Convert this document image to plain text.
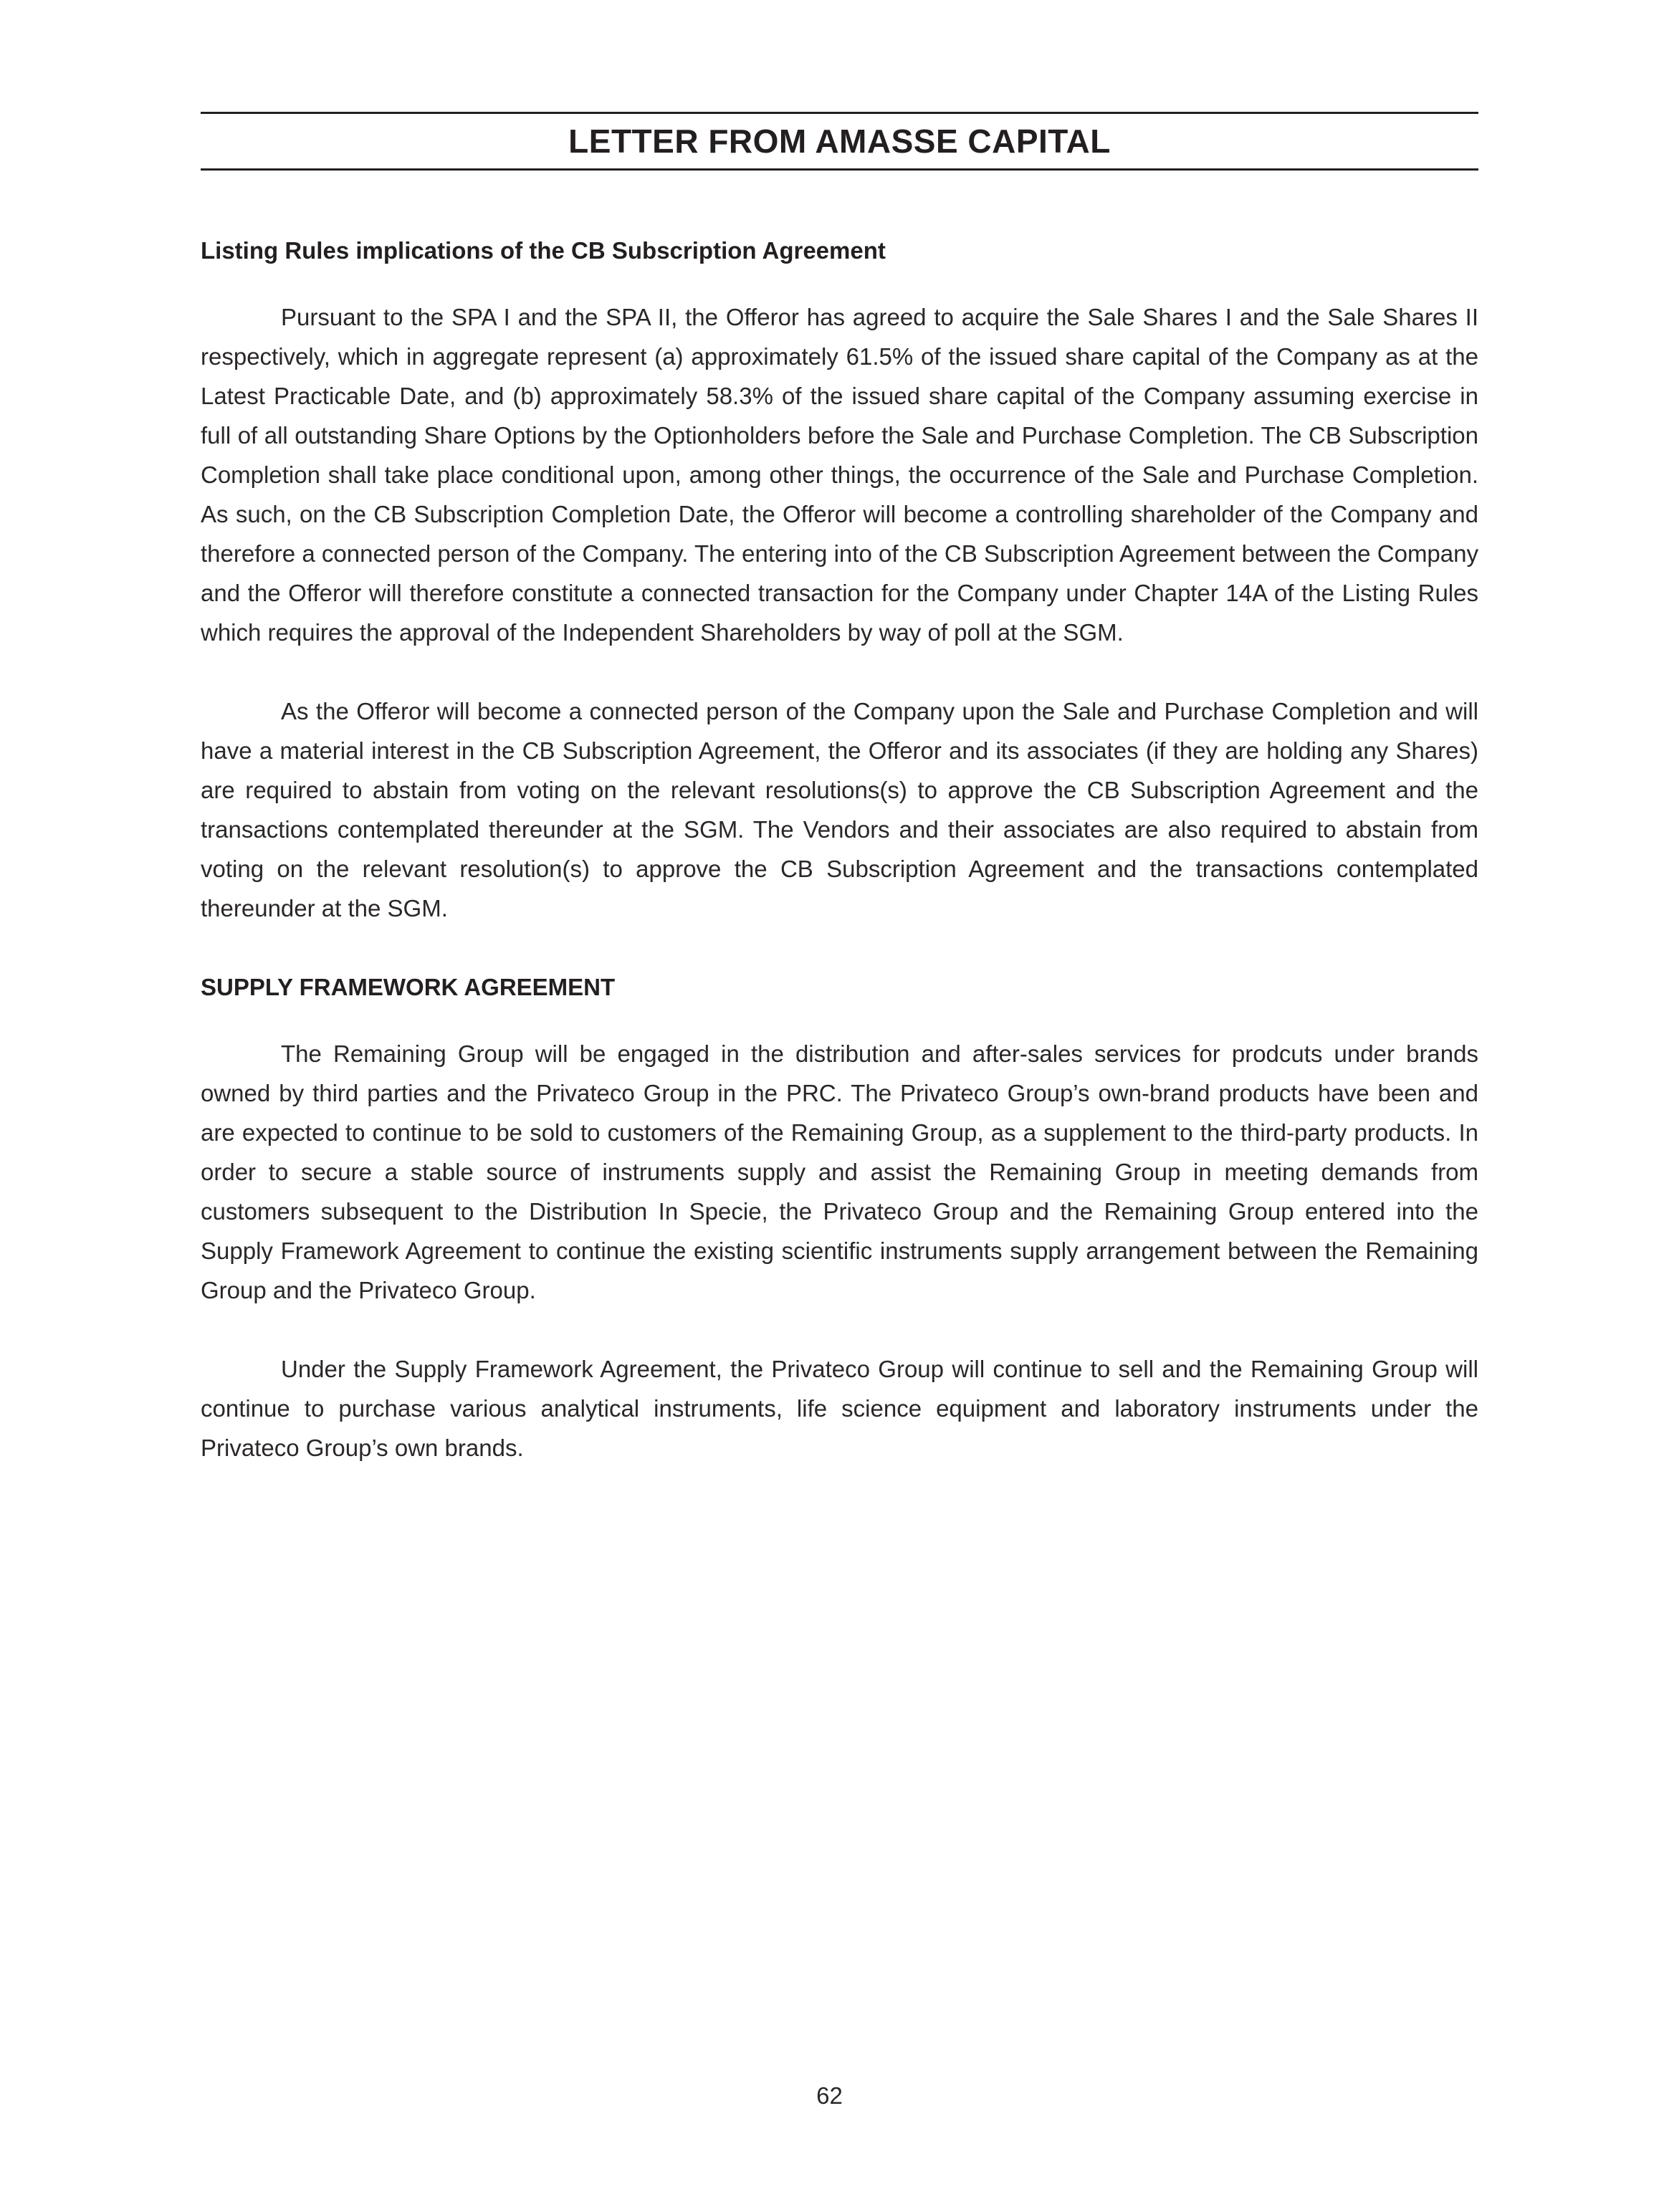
LETTER FROM AMASSE CAPITAL
Listing Rules implications of the CB Subscription Agreement

Pursuant to the SPA I and the SPA II, the Offeror has agreed to acquire the Sale Shares I and the Sale Shares II respectively, which in aggregate represent (a) approximately 61.5% of the issued share capital of the Company as at the Latest Practicable Date, and (b) approximately 58.3% of the issued share capital of the Company assuming exercise in full of all outstanding Share Options by the Optionholders before the Sale and Purchase Completion. The CB Subscription Completion shall take place conditional upon, among other things, the occurrence of the Sale and Purchase Completion. As such, on the CB Subscription Completion Date, the Offeror will become a controlling shareholder of the Company and therefore a connected person of the Company. The entering into of the CB Subscription Agreement between the Company and the Offeror will therefore constitute a connected transaction for the Company under Chapter 14A of the Listing Rules which requires the approval of the Independent Shareholders by way of poll at the SGM.

As the Offeror will become a connected person of the Company upon the Sale and Purchase Completion and will have a material interest in the CB Subscription Agreement, the Offeror and its associates (if they are holding any Shares) are required to abstain from voting on the relevant resolutions(s) to approve the CB Subscription Agreement and the transactions contemplated thereunder at the SGM. The Vendors and their associates are also required to abstain from voting on the relevant resolution(s) to approve the CB Subscription Agreement and the transactions contemplated thereunder at the SGM.

SUPPLY FRAMEWORK AGREEMENT

The Remaining Group will be engaged in the distribution and after-sales services for prodcuts under brands owned by third parties and the Privateco Group in the PRC. The Privateco Group’s own-brand products have been and are expected to continue to be sold to customers of the Remaining Group, as a supplement to the third-party products. In order to secure a stable source of instruments supply and assist the Remaining Group in meeting demands from customers subsequent to the Distribution In Specie, the Privateco Group and the Remaining Group entered into the Supply Framework Agreement to continue the existing scientific instruments supply arrangement between the Remaining Group and the Privateco Group.

Under the Supply Framework Agreement, the Privateco Group will continue to sell and the Remaining Group will continue to purchase various analytical instruments, life science equipment and laboratory instruments under the Privateco Group’s own brands.

62
